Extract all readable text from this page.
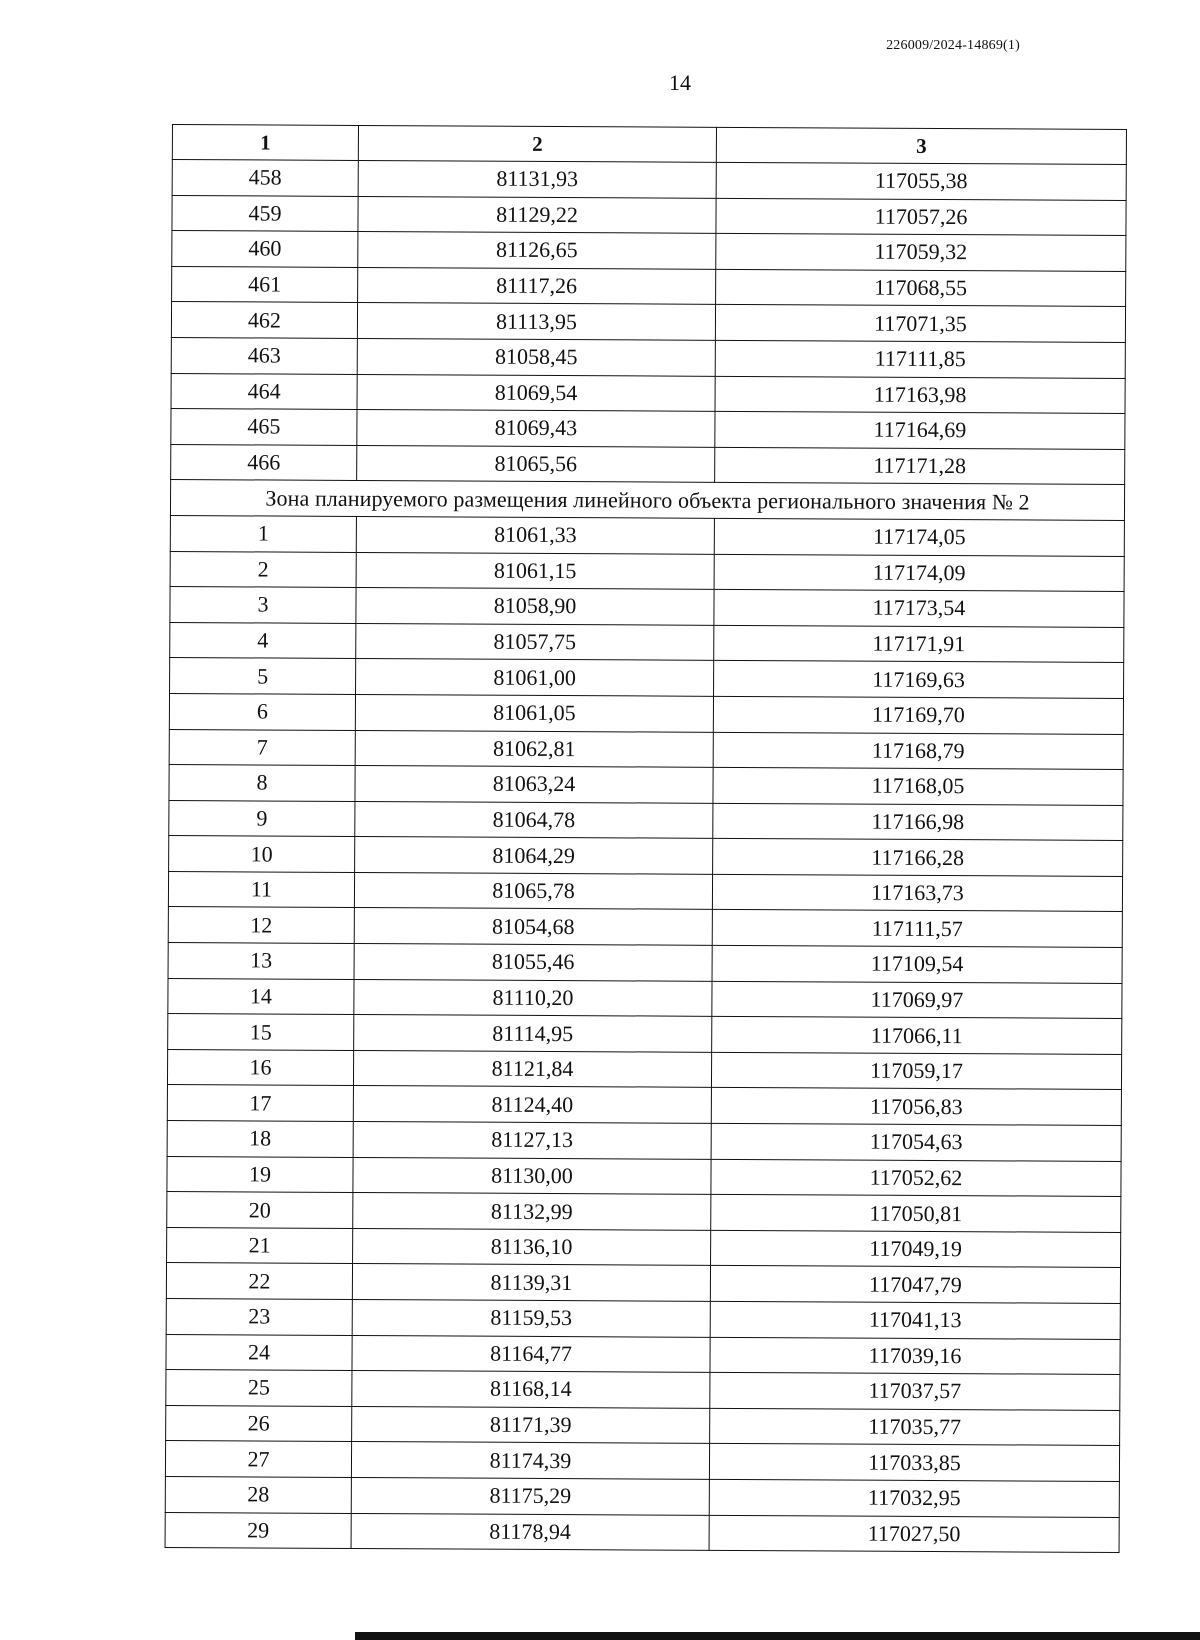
226009/2024-14869(1)
14
1	2	3
458	81131,93	117055,38
459	81129,22	117057,26
460	81126,65	117059,32
461	81117,26	117068,55
462	81113,95	117071,35
463	81058,45	117111,85
464	81069,54	117163,98
465	81069,43	117164,69
466	81065,56	117171,28
Зона планируемого размещения линейного объекта регионального значения № 2		
1	81061,33	117174,05
2	81061,15	117174,09
3	81058,90	117173,54
4	81057,75	117171,91
5	81061,00	117169,63
6	81061,05	117169,70
7	81062,81	117168,79
8	81063,24	117168,05
9	81064,78	117166,98
10	81064,29	117166,28
11	81065,78	117163,73
12	81054,68	117111,57
13	81055,46	117109,54
14	81110,20	117069,97
15	81114,95	117066,11
16	81121,84	117059,17
17	81124,40	117056,83
18	81127,13	117054,63
19	81130,00	117052,62
20	81132,99	117050,81
21	81136,10	117049,19
22	81139,31	117047,79
23	81159,53	117041,13
24	81164,77	117039,16
25	81168,14	117037,57
26	81171,39	117035,77
27	81174,39	117033,85
28	81175,29	117032,95
29	81178,94	117027,50
